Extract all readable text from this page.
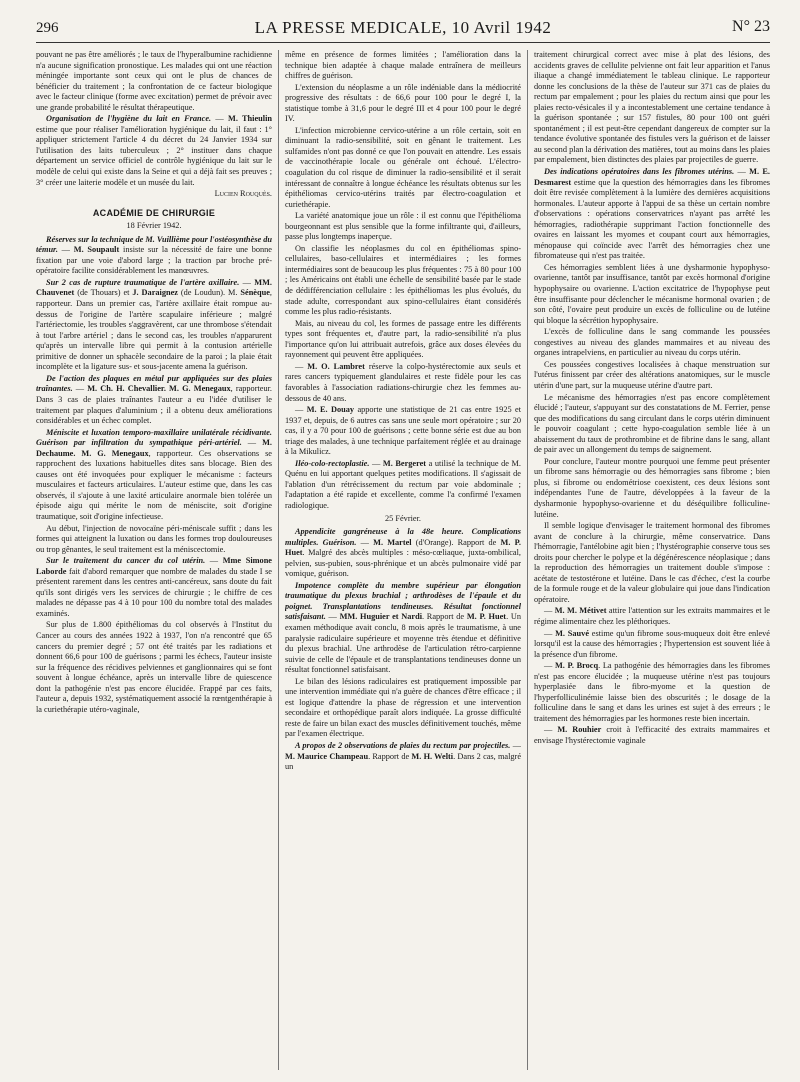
296	LA PRESSE MEDICALE, 10 Avril 1942	N° 23

pouvant ne pas être améliorés ; le taux de l'hyperalbumine rachidienne n'a aucune signification pronostique. Les malades qui ont une réaction méningée importante sont ceux qui ont le plus de chances de bénéficier du traitement ; la confrontation de ce facteur biologique avec le facteur clinique (forme avec excitation) permet de prévoir avec une grande probabilité le résultat thérapeutique.

Organisation de l'hygiène du lait en France. — M. Thieulin estime que pour réaliser l'amélioration hygiénique du lait, il faut : 1° appliquer strictement l'article 4 du décret du 24 Janvier 1934 sur l'utilisation des laits tuberculeux ; 2° instituer dans chaque département un service officiel de contrôle hygiénique du lait sur le modèle de celui qui existe dans la Seine et qui a déjà fait ses preuves ; 3° créer une laiterie modèle et un musée du lait.

Lucien Rouquès.
ACADÉMIE DE CHIRURGIE

18 Février 1942.

Réserves sur la technique de M. Vuillième pour l'ostéosynthèse du témur. — M. Soupault insiste sur la nécessité de faire une bonne fixation par une voie d'abord large ; la traction par broche pré-opératoire facilite considérablement les manœuvres.

Sur 2 cas de rupture traumatique de l'artère axillaire. — MM. Chauvenet (de Thouars) et J. Daraignez (de Loudun). M. Sénèque, rapporteur. Dans un premier cas, l'artère axillaire était rompue au-dessus de l'origine de l'artère scapulaire inférieure ; malgré l'artériectomie, les troubles s'aggravèrent, car une thrombose s'étendait à tout l'arbre artériel ; dans le second cas, les troubles n'apparurent qu'après un intervalle libre qui permit à la contusion artérielle primitive de donner un sphacèle secondaire de la paroi ; la plaie était incomplète et la ligature sus- et sous-jacente amena la guérison.

De l'action des plaques en métal pur appliquées sur des plaies traînantes. — M. Ch. H. Chevallier. M. G. Menegaux, rapporteur. Dans 3 cas de plaies traînantes l'auteur a eu l'idée d'utiliser le traitement par plaques d'aluminium ; il a obtenu deux améliorations considérables et un échec complet.

Méniscite et luxation temporo-maxillaire unilatérale récidivante. Guérison par infiltration du sympathique péri-artériel. — M. Dechaume. M. G. Menegaux, rapporteur. Ces observations se rapprochent des luxations habituelles dites sans blocage. Bien des causes ont été invoquées pour expliquer le mécanisme : facteurs musculaires et facteurs articulaires. L'auteur estime que, dans les cas observés, il s'ajoute à une laxité articulaire anormale bien tolérée un épisode aigu qui mérite le nom de méniscite, soit d'origine traumatique, soit d'origine infectieuse.

Au début, l'injection de novocaïne péri-méniscale suffit ; dans les formes qui atteignent la luxation ou dans les formes trop douloureuses ou trop gênantes, le seul traitement est la méniscectomie.

Sur le traitement du cancer du col utérin. — Mme Simone Laborde fait d'abord remarquer que nombre de malades du stade I se présentent rarement dans les centres anti-cancéreux, sans doute du fait qu'ils sont dirigés vers les services de chirurgie ; le chiffre de ces malades ne dépasse pas 4 à 10 pour 100 du nombre total des malades examinés.

Sur plus de 1.800 épithéliomas du col observés à l'Institut du Cancer au cours des années 1922 à 1937, l'on n'a rencontré que 65 cancers du premier degré ; 57 ont été traités par les radiations et donnent 66,6 pour 100 de guérisons ; parmi les échecs, l'auteur insiste sur la fréquence des récidives pelviennes et ganglionnaires qui se font souvent à longue échéance, après un intervalle libre de quiescence dont la pathogénie n'est pas encore élucidée. Frappé par ces faits, l'auteur a, depuis 1932, systématiquement associé la rœntgenthérapie à la curiethérapie utéro-vaginale,

même en présence de formes limitées ; l'amélioration dans la technique bien adaptée à chaque malade entraînera de meilleurs chiffres de guérison.

L'extension du néoplasme a un rôle indéniable dans la médiocrité progressive des résultats : de 66,6 pour 100 pour le degré I, la statistique tombe à 31,6 pour le degré III et 4 pour 100 pour le degré IV.

L'infection microbienne cervico-utérine a un rôle certain, soit en diminuant la radio-sensibilité, soit en gênant le traitement. Les sulfamides n'ont pas donné ce que l'on pouvait en attendre. Les essais de vaccinothérapie locale ou générale ont échoué. L'électro-coagulation du col risque de diminuer la radio-sensibilité et il serait intéressant de connaître à longue échéance les résultats obtenus sur les épithéliomas cervico-utérins traités par électro-coagulation et curiethérapie.

La variété anatomique joue un rôle : il est connu que l'épithélioma bourgeonnant est plus sensible que la forme infiltrante qui, d'ailleurs, passe plus longtemps inaperçue.

On classifie les néoplasmes du col en épithéliomas spino-cellulaires, baso-cellulaires et intermédiaires ; les formes intermédiaires sont de beaucoup les plus fréquentes : 75 à 80 pour 100 ; les Américains ont établi une échelle de sensibilité basée par le stade de dédifférenciation cellulaire : les épithéliomas les plus évolués, du stade adulte, correspondant aux spino-cellulaires étant considérés comme les plus radio-résistants.

Mais, au niveau du col, les formes de passage entre les différents types sont fréquentes et, d'autre part, la radio-sensibilité n'a plus l'importance qu'on lui attribuait autrefois, grâce aux doses élevées du rayonnement qui peuvent être appliquées.

— M. O. Lambret réserve la colpo-hystérectomie aux seuls et rares cancers typiquement glandulaires et reste fidèle pour les cas favorables à l'association radiations-chirurgie chez les femmes au-dessous de 40 ans.

— M. E. Douay apporte une statistique de 21 cas entre 1925 et 1937 et, depuis, de 6 autres cas sans une seule mort opératoire ; sur 20 cas, il y a 70 pour 100 de guérisons ; cette bonne série est due au bon triage des malades, à une technique parfaitement réglée et au drainage à la Mikulicz.

Iléo-colo-rectoplastie. — M. Bergeret a utilisé la technique de M. Quénu en lui apportant quelques petites modifications. Il s'agissait de l'ablation d'un rétrécissement du rectum par voie abdominale ; l'adaptation a été rapide et excellente, comme l'a confirmé l'examen radiologique.

25 Février.

Appendicite gangréneuse à la 48e heure. Complications multiples. Guérison. — M. Martel (d'Orange). Rapport de M. P. Huet. Malgré des abcès multiples : méso-cœliaque, juxta-ombilical, pelvien, sus-pubien, sous-phrénique et un abcès pulmonaire vidé par vomique, guérison.

Impotence complète du membre supérieur par élongation traumatique du plexus brachial ; arthrodèses de l'épaule et du poignet. Transplantations tendineuses. Résultat fonctionnel satisfaisant. — MM. Huguier et Nardi. Rapport de M. P. Huet. Un examen méthodique avait conclu, 8 mois après le traumatisme, à une paralysie radiculaire supérieure et moyenne très étendue et définitive du plexus brachial. Une arthrodèse de l'articulation rétro-carpienne suivie de celle de l'épaule et de transplantations tendineuses donne un résultat fonctionnel satisfaisant.

Le bilan des lésions radiculaires est pratiquement impossible par une intervention immédiate qui n'a guère de chances d'être efficace ; il est logique d'attendre la phase de régression et une intervention secondaire et orthopédique paraît alors indiquée. La grosse difficulté reste de faire un bilan exact des muscles définitivement touchés, même par l'examen électrique.

A propos de 2 observations de plaies du rectum par projectiles. — M. Maurice Champeau. Rapport de M. H. Welti. Dans 2 cas, malgré un

traitement chirurgical correct avec mise à plat des lésions, des accidents graves de cellulite pelvienne ont fait leur apparition et l'anus iliaque a changé immédiatement le tableau clinique. Le rapporteur donne les conclusions de la thèse de l'auteur sur 371 cas de plaies du rectum par empalement ; pour les plaies du rectum ainsi que pour les plaies recto-vésicales il y a incontestablement une certaine tendance à la guérison spontanée ; sur 157 fistules, 80 pour 100 ont guéri spontanément ; il est peut-être cependant dangereux de compter sur la tendance évolutive spontanée des fistules vers la guérison et de laisser au second plan la dérivation des matières, tout au moins dans les plaies par empalement, bien distinctes des plaies par projectiles de guerre.

Des indications opératoires dans les fibromes utérins. — M. E. Desmarest estime que la question des hémorragies dans les fibromes doit être revisée complètement à la lumière des dernières acquisitions hormonales. L'auteur apporte à l'appui de sa thèse un certain nombre d'observations : opérations conservatrices n'ayant pas arrêté les hémorragies, radiothérapie supprimant l'action fonctionnelle des ovaires en laissant les myomes et coupant court aux hémorragies, ménopause qui coïncide avec l'arrêt des hémorragies chez une fibromateuse qui n'est pas traitée.

Ces hémorragies semblent liées à une dysharmonie hypophyso-ovarienne, tantôt par insuffisance, tantôt par excès hormonal d'origine hypophysaire ou ovarienne. L'action excitatrice de l'hypophyse peut être insuffisante pour déclencher le mécanisme hormonal ovarien ; de son côté, l'ovaire peut produire un excès de folliculine ou de lutéine qui bloque la sécrétion hypophysaire.

L'excès de folliculine dans le sang commande les poussées congestives au niveau des glandes mammaires et au niveau des organes intrapelviens, en particulier au niveau du corps utérin.

Ces poussées congestives localisées à chaque menstruation sur l'utérus finissent par créer des altérations anatomiques, sur le muscle utérin d'une part, sur la muqueuse utérine d'autre part.

Le mécanisme des hémorragies n'est pas encore complètement élucidé ; l'auteur, s'appuyant sur des constatations de M. Ferrier, pense que des modifications du sang circulant dans le corps utérin diminuent le pouvoir coagulant ; cette hypo-coagulation semble liée à un abaissement du taux de prothrombine et de fibrine dans le sang, allant de pair avec un allongement du temps de saignement.

Pour conclure, l'auteur montre pourquoi une femme peut présenter un fibrome sans hémorragie ou des hémorragies sans fibrome ; bien plus, si fibrome ou endométriose coexistent, ces deux lésions sont indépendantes l'une de l'autre, développées à la faveur de la dysharmonie hypophyso-ovarienne et du déséquilibre folliculine-lutéine.

Il semble logique d'envisager le traitement hormonal des fibromes avant de conclure à la chirurgie, même conservatrice. Dans l'hémorragie, l'antélobine agit bien ; l'hystérographie conserve tous ses droits pour chercher le polype et la dégénérescence néoplasique ; dans la reproduction des hémorragies un traitement double s'impose : acétate de testostérone et lutéine. Dans le cas d'échec, c'est la courbe de la formule rouge et de la valeur globulaire qui joue dans l'indication opératoire.

— M. M. Métivet attire l'attention sur les extraits mammaires et le régime alimentaire chez les pléthoriques.

— M. Sauvé estime qu'un fibrome sous-muqueux doit être enlevé lorsqu'il est la cause des hémorragies ; l'hypertension est souvent liée à la présence d'un fibrome.

— M. P. Brocq. La pathogénie des hémorragies dans les fibromes n'est pas encore élucidée ; la muqueuse utérine n'est pas toujours hyperplasiée dans le fibro-myome et la question de l'hyperfolliculinémie laisse bien des obscurités ; le dosage de la folliculine dans le sang et dans les urines est sujet à des erreurs ; le traitement des hémorragies par les hormones reste bien incertain.

— M. Rouhier croit à l'efficacité des extraits mammaires et envisage l'hystérectomie vaginale
